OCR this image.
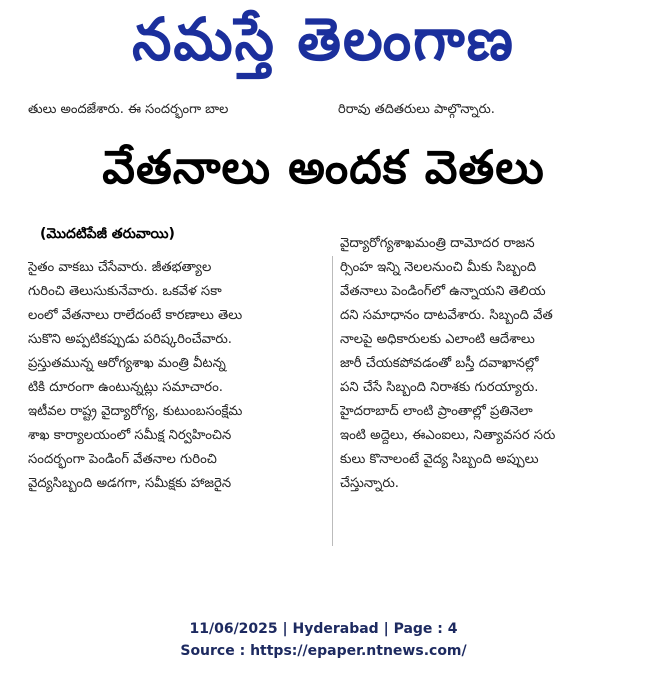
నమస్తే తెలంగాణ
తులు అందజేశారు. ఈ సందర్భంగా బాల	రిరావు తదితరులు పాల్గొన్నారు.
వేతనాలు అందక వెతలు
(మొదటిపేజీ తరువాయి)
సైతం వాకబు చేసేవారు. జీతభత్యాల
గురించి తెలుసుకునేవారు. ఒకవేళ సకా
లంలో వేతనాలు రాలేదంటే కారణాలు తెలు
సుకొని అప్పటికప్పుడు పరిష్కరించేవారు.
ప్రస్తుతమున్న ఆరోగ్యశాఖ మంత్రి వీటన్న
టికి దూరంగా ఉంటున్నట్లు సమాచారం.
ఇటీవల రాష్ట్ర వైద్యారోగ్య, కుటుంబసంక్షేమ
శాఖ కార్యాలయంలో సమీక్ష నిర్వహించిన
సందర్భంగా పెండింగ్ వేతనాల గురించి
వైద్యసిబ్బంది అడగగా, సమీక్షకు హాజరైన
వైద్యారోగ్యశాఖమంత్రి దామోదర రాజన
ర్సింహ ఇన్ని నెలలనుంచి మీకు సిబ్బంది
వేతనాలు పెండింగ్‌లో ఉన్నాయని తెలియ
దని సమాధానం దాటవేశారు. సిబ్బంది వేత
నాలపై అధికారులకు ఎలాంటి ఆదేశాలు
జారీ చేయకపోవడంతో బస్తీ దవాఖానల్లో
పని చేసే సిబ్బంది నిరాశకు గురయ్యారు.
హైదరాబాద్ లాంటి ప్రాంతాల్లో ప్రతినెలా
ఇంటి అద్దెలు, ఈఎంఐలు, నిత్యావసర సరు
కులు కొనాలంటే వైద్య సిబ్బంది అప్పులు
చేస్తున్నారు.
11/06/2025 | Hyderabad | Page : 4
Source : https://epaper.ntnews.com/
